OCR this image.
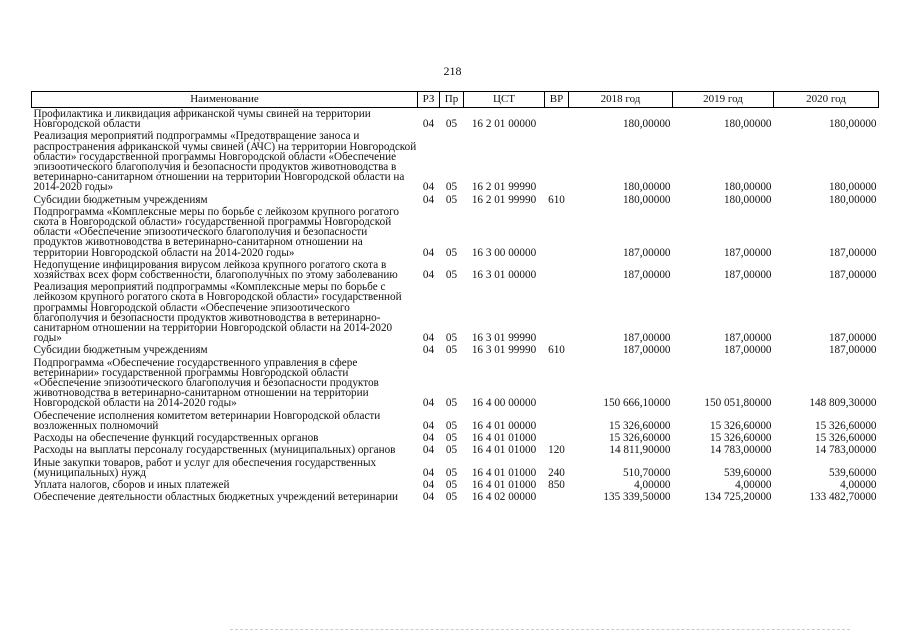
218
Наименование	РЗ	Пр	ЦСТ	ВР	2018 год	2019 год	2020 год
Профилактика и ликвидация африканской чумы свиней на территории Новгородской области	04	05	16 2 01 00000		180,00000	180,00000	180,00000
Реализация мероприятий подпрограммы «Предотвращение заноса и распространения африканской чумы свиней (АЧС) на территории Новгородской области» государственной программы Новгородской области «Обеспечение эпизоотического благополучия и безопасности продуктов животноводства в ветеринарно-санитарном отношении на территории Новгородской области на 2014-2020 годы»	04	05	16 2 01 99990		180,00000	180,00000	180,00000
Субсидии бюджетным учреждениям	04	05	16 2 01 99990	610	180,00000	180,00000	180,00000
Подпрограмма «Комплексные меры по борьбе с лейкозом крупного рогатого скота в Новгородской области» государственной программы Новгородской области «Обеспечение эпизоотического благополучия и безопасности продуктов животноводства в ветеринарно-санитарном отношении на территории Новгородской области на 2014-2020 годы»	04	05	16 3 00 00000		187,00000	187,00000	187,00000
Недопущение инфицирования вирусом лейкоза крупного рогатого скота в хозяйствах всех форм собственности, благополучных по этому заболеванию	04	05	16 3 01 00000		187,00000	187,00000	187,00000
Реализация мероприятий подпрограммы «Комплексные меры по борьбе с лейкозом крупного рогатого скота в Новгородской области» государственной программы Новгородской области «Обеспечение эпизоотического благополучия и безопасности продуктов животноводства в ветеринарно-санитарном отношении на территории Новгородской области на 2014-2020 годы»	04	05	16 3 01 99990		187,00000	187,00000	187,00000
Субсидии бюджетным учреждениям	04	05	16 3 01 99990	610	187,00000	187,00000	187,00000
Подпрограмма «Обеспечение государственного управления в сфере ветеринарии» государственной программы Новгородской области «Обеспечение эпизоотического благополучия и безопасности продуктов животноводства в ветеринарно-санитарном отношении на территории Новгородской области на 2014-2020 годы»	04	05	16 4 00 00000		150 666,10000	150 051,80000	148 809,30000
Обеспечение исполнения комитетом ветеринарии Новгородской области возложенных полномочий	04	05	16 4 01 00000		15 326,60000	15 326,60000	15 326,60000
Расходы на обеспечение функций государственных органов	04	05	16 4 01 01000		15 326,60000	15 326,60000	15 326,60000
Расходы на выплаты персоналу государственных (муниципальных) органов	04	05	16 4 01 01000	120	14 811,90000	14 783,00000	14 783,00000
Иные закупки товаров, работ и услуг для обеспечения государственных (муниципальных) нужд	04	05	16 4 01 01000	240	510,70000	539,60000	539,60000
Уплата налогов, сборов и иных платежей	04	05	16 4 01 01000	850	4,00000	4,00000	4,00000
Обеспечение деятельности областных бюджетных учреждений ветеринарии	04	05	16 4 02 00000		135 339,50000	134 725,20000	133 482,70000
